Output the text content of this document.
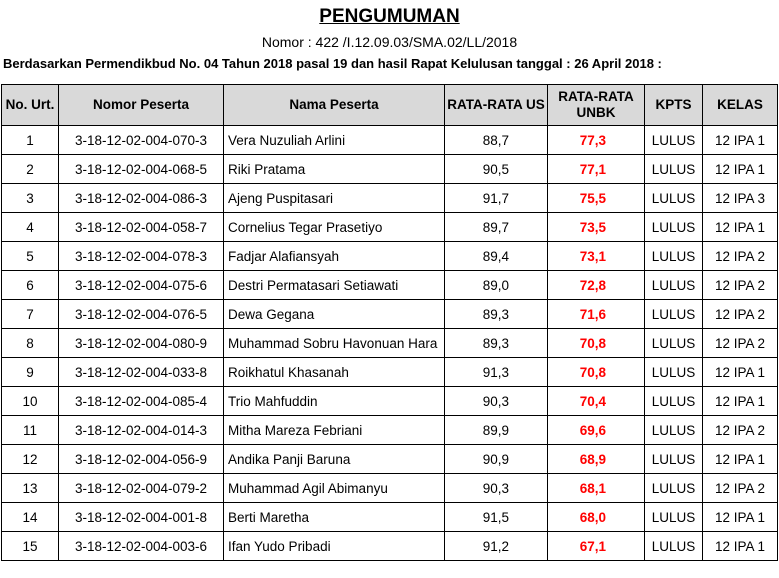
PENGUMUMAN
Nomor : 422 /I.12.09.03/SMA.02/LL/2018
Berdasarkan Permendikbud No. 04 Tahun 2018 pasal 19 dan hasil Rapat Kelulusan tanggal : 26 April 2018 :
No. Urt.	Nomor Peserta	Nama Peserta	RATA-RATA US	RATA-RATA UNBK	KPTS	KELAS
1	3-18-12-02-004-070-3	Vera Nuzuliah Arlini	88,7	77,3	LULUS	12 IPA 1
2	3-18-12-02-004-068-5	Riki Pratama	90,5	77,1	LULUS	12 IPA 1
3	3-18-12-02-004-086-3	Ajeng Puspitasari	91,7	75,5	LULUS	12 IPA 3
4	3-18-12-02-004-058-7	Cornelius Tegar Prasetiyo	89,7	73,5	LULUS	12 IPA 1
5	3-18-12-02-004-078-3	Fadjar Alafiansyah	89,4	73,1	LULUS	12 IPA 2
6	3-18-12-02-004-075-6	Destri Permatasari Setiawati	89,0	72,8	LULUS	12 IPA 2
7	3-18-12-02-004-076-5	Dewa Gegana	89,3	71,6	LULUS	12 IPA 2
8	3-18-12-02-004-080-9	Muhammad Sobru Havonuan Hara	89,3	70,8	LULUS	12 IPA 2
9	3-18-12-02-004-033-8	Roikhatul Khasanah	91,3	70,8	LULUS	12 IPA 1
10	3-18-12-02-004-085-4	Trio Mahfuddin	90,3	70,4	LULUS	12 IPA 1
11	3-18-12-02-004-014-3	Mitha Mareza Febriani	89,9	69,6	LULUS	12 IPA 2
12	3-18-12-02-004-056-9	Andika Panji Baruna	90,9	68,9	LULUS	12 IPA 1
13	3-18-12-02-004-079-2	Muhammad Agil Abimanyu	90,3	68,1	LULUS	12 IPA 2
14	3-18-12-02-004-001-8	Berti Maretha	91,5	68,0	LULUS	12 IPA 1
15	3-18-12-02-004-003-6	Ifan Yudo Pribadi	91,2	67,1	LULUS	12 IPA 1
